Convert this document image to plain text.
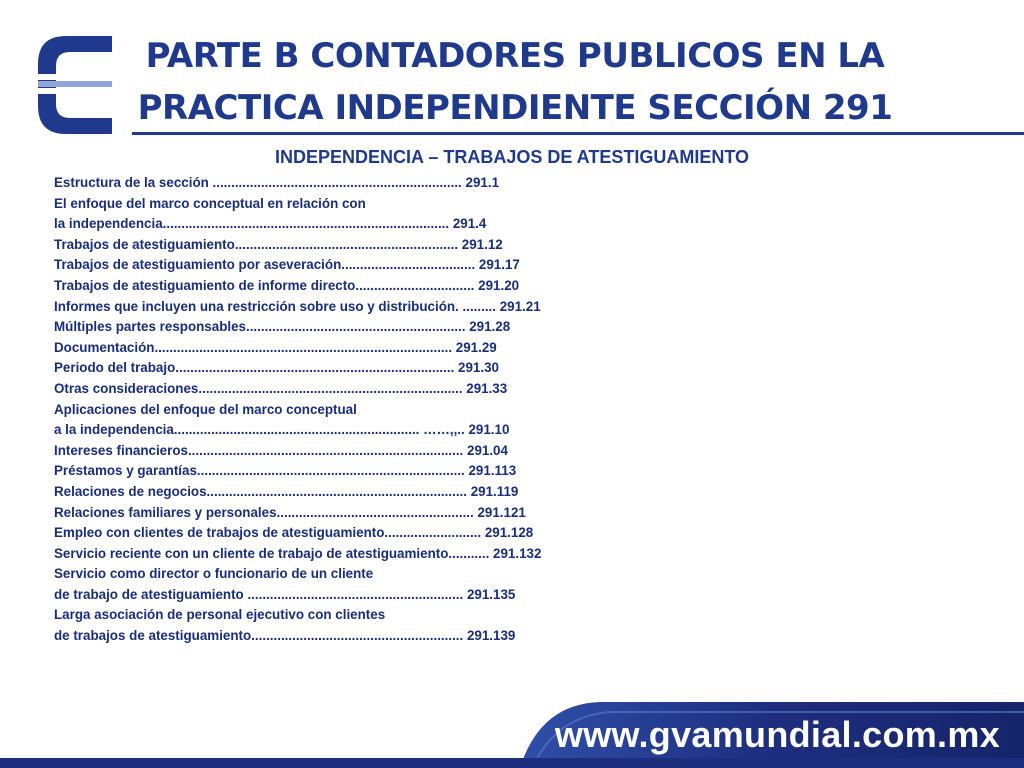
PARTE B CONTADORES PUBLICOS EN LA
PRACTICA INDEPENDIENTE SECCIÓN 291
INDEPENDENCIA – TRABAJOS DE ATESTIGUAMIENTO
Estructura de la sección ................................................................... 291.1
El enfoque del marco conceptual en relación con
la independencia............................................................................. 291.4
Trabajos de atestiguamiento............................................................ 291.12
Trabajos de atestiguamiento por aseveración.................................... 291.17
Trabajos de atestiguamiento de informe directo................................ 291.20
Informes que incluyen una restricción sobre uso y distribución. ......... 291.21
Múltiples partes responsables........................................................... 291.28
Documentación................................................................................ 291.29
Periodo del trabajo........................................................................... 291.30
Otras consideraciones....................................................................... 291.33
Aplicaciones del enfoque del marco conceptual
a la independencia.................................................................. ……,,.. 291.10
Intereses financieros.......................................................................... 291.04
Préstamos y garantías........................................................................ 291.113
Relaciones de negocios...................................................................... 291.119
Relaciones familiares y personales..................................................... 291.121
Empleo con clientes de trabajos de atestiguamiento.......................... 291.128
Servicio reciente con un cliente de trabajo de atestiguamiento........... 291.132
Servicio como director o funcionario de un cliente
de trabajo de atestiguamiento .......................................................... 291.135
Larga asociación de personal ejecutivo con clientes
de trabajos de atestiguamiento......................................................... 291.139
www.gvamundial.com.mx
